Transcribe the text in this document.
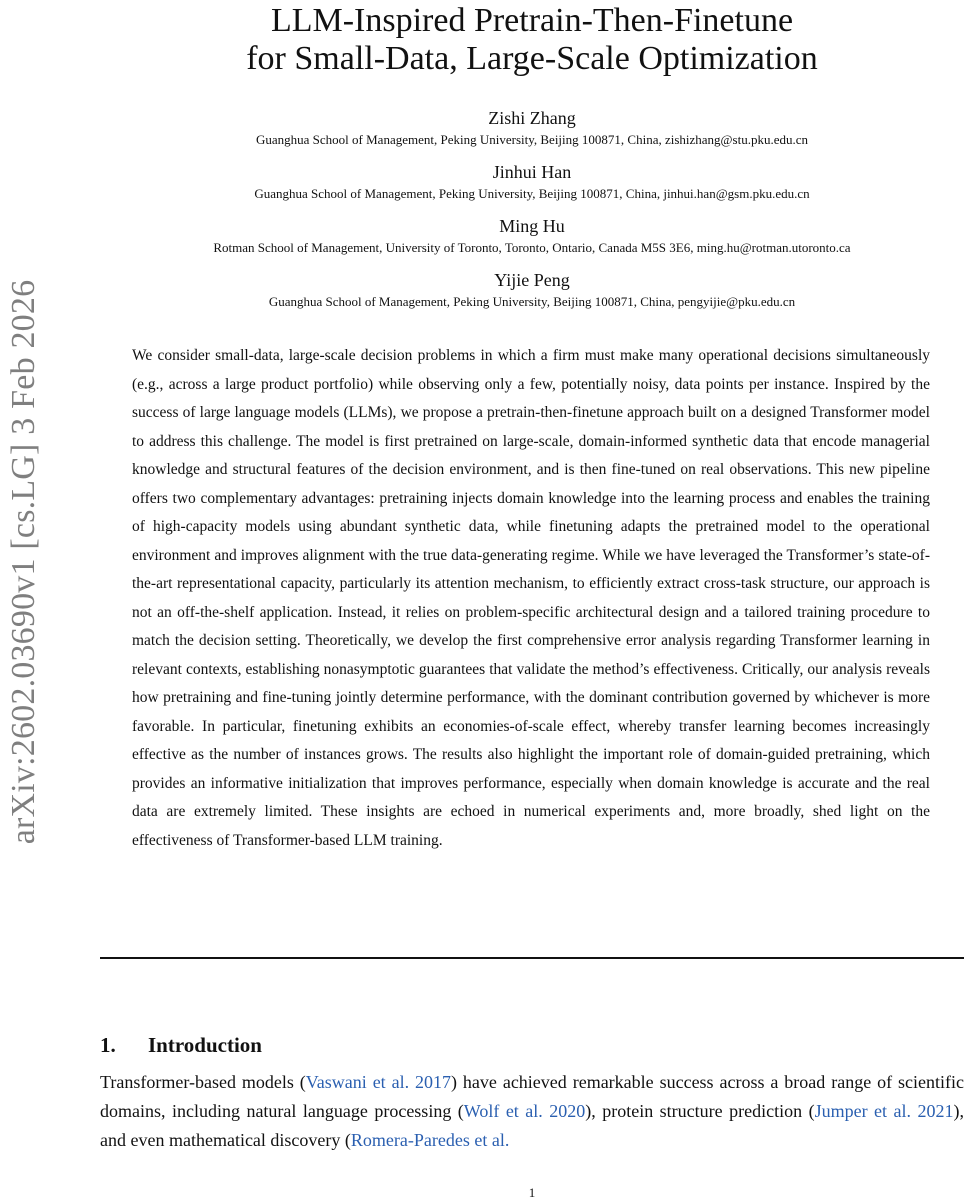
arXiv:2602.03690v1 [cs.LG] 3 Feb 2026
LLM-Inspired Pretrain-Then-Finetune
for Small-Data, Large-Scale Optimization
Zishi Zhang
Guanghua School of Management, Peking University, Beijing 100871, China, zishizhang@stu.pku.edu.cn
Jinhui Han
Guanghua School of Management, Peking University, Beijing 100871, China, jinhui.han@gsm.pku.edu.cn
Ming Hu
Rotman School of Management, University of Toronto, Toronto, Ontario, Canada M5S 3E6, ming.hu@rotman.utoronto.ca
Yijie Peng
Guanghua School of Management, Peking University, Beijing 100871, China, pengyijie@pku.edu.cn

We consider small-data, large-scale decision problems in which a firm must make many operational decisions simultaneously (e.g., across a large product portfolio) while observing only a few, potentially noisy, data points per instance. Inspired by the success of large language models (LLMs), we propose a pretrain-then-finetune approach built on a designed Transformer model to address this challenge. The model is first pretrained on large-scale, domain-informed synthetic data that encode managerial knowledge and structural features of the decision environment, and is then fine-tuned on real observations. This new pipeline offers two complementary advantages: pretraining injects domain knowledge into the learning process and enables the training of high-capacity models using abundant synthetic data, while finetuning adapts the pretrained model to the operational environment and improves alignment with the true data-generating regime. While we have leveraged the Transformer’s state-of-the-art representational capacity, particularly its attention mechanism, to efficiently extract cross-task structure, our approach is not an off-the-shelf application. Instead, it relies on problem-specific architectural design and a tailored training procedure to match the decision setting. Theoretically, we develop the first comprehensive error analysis regarding Transformer learning in relevant contexts, establishing nonasymptotic guarantees that validate the method’s effectiveness. Critically, our analysis reveals how pretraining and fine-tuning jointly determine performance, with the dominant contribution governed by whichever is more favorable. In particular, finetuning exhibits an economies-of-scale effect, whereby transfer learning becomes increasingly effective as the number of instances grows. The results also highlight the important role of domain-guided pretraining, which provides an informative initialization that improves performance, especially when domain knowledge is accurate and the real data are extremely limited. These insights are echoed in numerical experiments and, more broadly, shed light on the effectiveness of Transformer-based LLM training.

1. Introduction

Transformer-based models (Vaswani et al. 2017) have achieved remarkable success across a broad range of scientific domains, including natural language processing (Wolf et al. 2020), protein structure prediction (Jumper et al. 2021), and even mathematical discovery (Romera-Paredes et al.

1
